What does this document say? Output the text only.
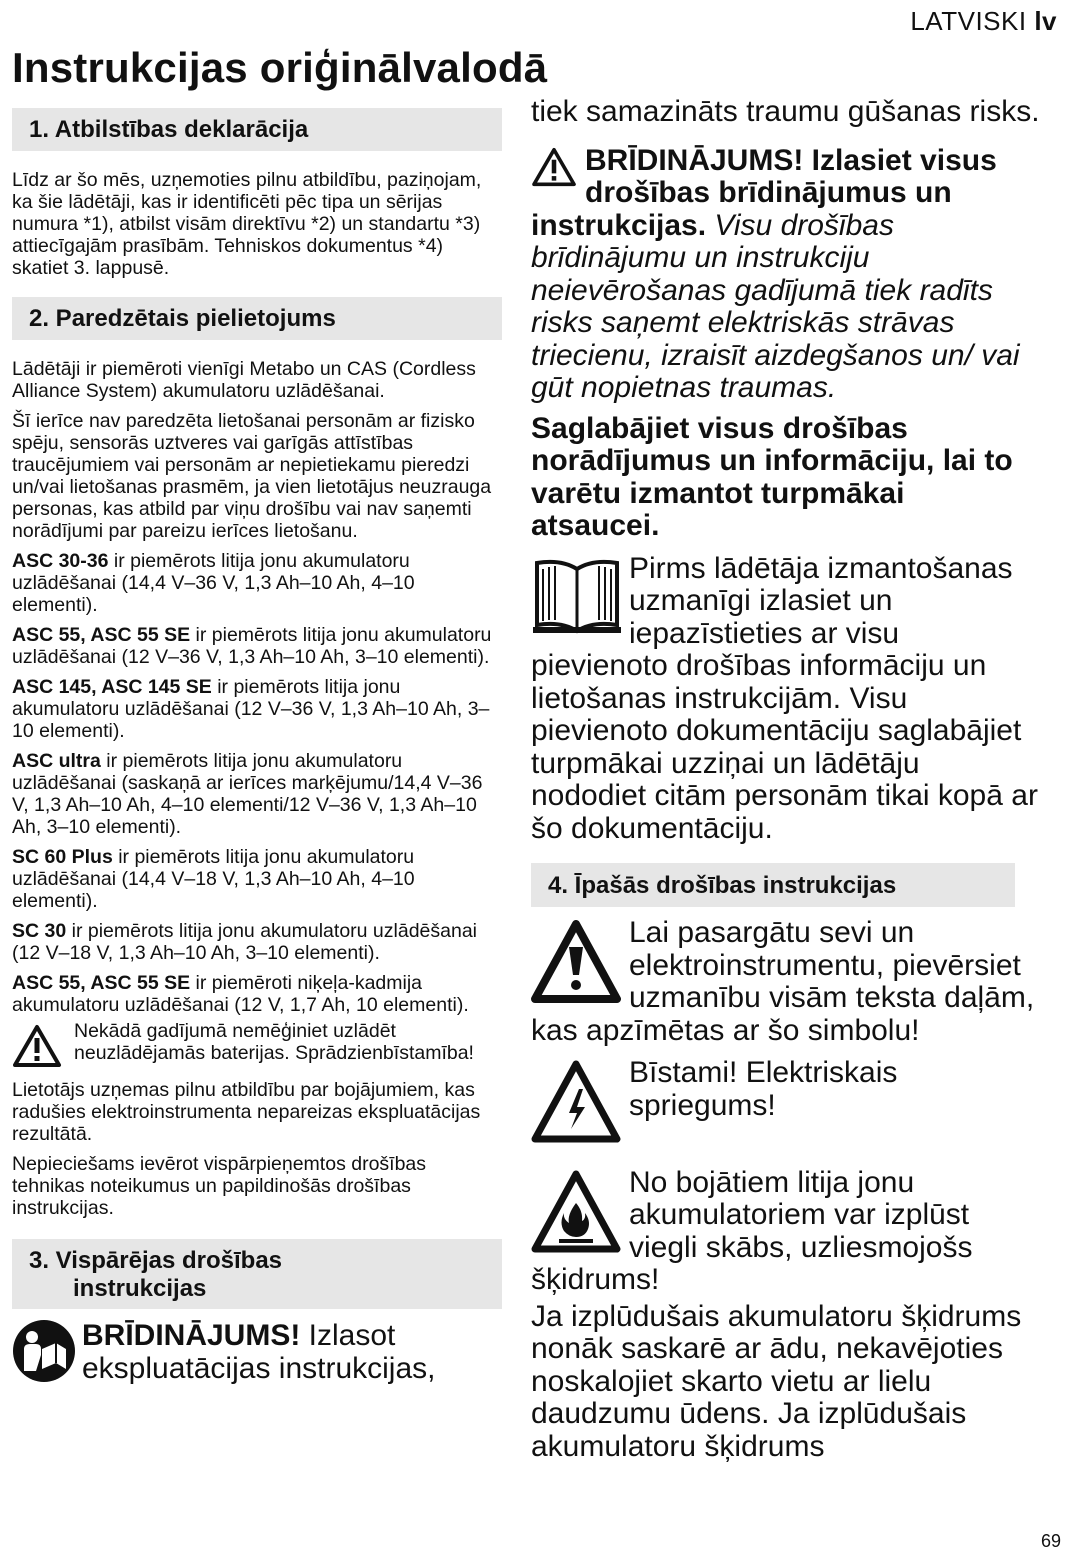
LATVISKI lv
Instrukcijas oriģinālvalodā
1. Atbilstības deklarācija

Līdz ar šo mēs, uzņemoties pilnu atbildību, paziņojam, ka šie lādētāji, kas ir identificēti pēc tipa un sērijas numura *1), atbilst visām direktīvu *2) un standartu *3) attiecīgajām prasībām. Tehniskos dokumentus *4) skatiet 3. lappusē.

2. Paredzētais pielietojums

Lādētāji ir piemēroti vienīgi Metabo un CAS (Cordless Alliance System) akumulatoru uzlādēšanai.

Šī ierīce nav paredzēta lietošanai personām ar fizisko spēju, sensorās uztveres vai garīgās attīstības traucējumiem vai personām ar nepietiekamu pieredzi un/vai lietošanas prasmēm, ja vien lietotājus neuzrauga personas, kas atbild par viņu drošību vai nav saņemti norādījumi par pareizu ierīces lietošanu.

ASC 30-36 ir piemērots litija jonu akumulatoru uzlādēšanai (14,4 V–36 V, 1,3 Ah–10 Ah, 4–10 elementi).

ASC 55, ASC 55 SE ir piemērots litija jonu akumulatoru uzlādēšanai (12 V–36 V, 1,3 Ah–10 Ah, 3–10 elementi).

ASC 145, ASC 145 SE ir piemērots litija jonu akumulatoru uzlādēšanai (12 V–36 V, 1,3 Ah–10 Ah, 3–10 elementi).

ASC ultra ir piemērots litija jonu akumulatoru uzlādēšanai (saskaņā ar ierīces marķējumu/14,4 V–36 V, 1,3 Ah–10 Ah, 4–10 elementi/12 V–36 V, 1,3 Ah–10 Ah, 3–10 elementi).

SC 60 Plus ir piemērots litija jonu akumulatoru uzlādēšanai (14,4 V–18 V, 1,3 Ah–10 Ah, 4–10 elementi).

SC 30 ir piemērots litija jonu akumulatoru uzlādēšanai (12 V–18 V, 1,3 Ah–10 Ah, 3–10 elementi).

ASC 55, ASC 55 SE ir piemēroti niķeļa-kadmija akumulatoru uzlādēšanai (12 V, 1,7 Ah, 10 elementi).

Nekādā gadījumā nemēģiniet uzlādēt neuzlādējamās baterijas. Sprādzienbīstamība!

Lietotājs uzņemas pilnu atbildību par bojājumiem, kas radušies elektroinstrumenta nepareizas ekspluatācijas rezultātā.

Nepieciešams ievērot vispārpieņemtos drošības tehnikas noteikumus un papildinošās drošības instrukcijas.

3. Vispārējas drošības
instrukcijas
BRĪDINĀJUMS! Izlasot ekspluatācijas instrukcijas,

tiek samazināts traumu gūšanas risks.

BRĪDINĀJUMS! Izlasiet visus drošības brīdinājumus un instrukcijas. Visu drošības brīdinājumu un instrukciju neievērošanas gadījumā tiek radīts risks saņemt elektriskās strāvas triecienu, izraisīt aizdegšanos un/ vai gūt nopietnas traumas.

Saglabājiet visus drošības norādījumus un informāciju, lai to varētu izmantot turpmākai atsaucei.

Pirms lādētāja izmantošanas uzmanīgi izlasiet un iepazīstieties ar visu pievienoto drošības informāciju un lietošanas instrukcijām. Visu pievienoto dokumentāciju saglabājiet turpmākai uzziņai un lādētāju nododiet citām personām tikai kopā ar šo dokumentāciju.

4. Īpašās drošības instrukcijas

Lai pasargātu sevi un elektroinstrumentu, pievērsiet uzmanību visām teksta daļām, kas apzīmētas ar šo simbolu!

Bīstami! Elektriskais spriegums!

No bojātiem litija jonu akumulatoriem var izplūst viegli skābs, uzliesmojošs šķidrums!

Ja izplūdušais akumulatoru šķidrums nonāk saskarē ar ādu, nekavējoties noskalojiet skarto vietu ar lielu daudzumu ūdens. Ja izplūdušais akumulatoru šķidrums

69
